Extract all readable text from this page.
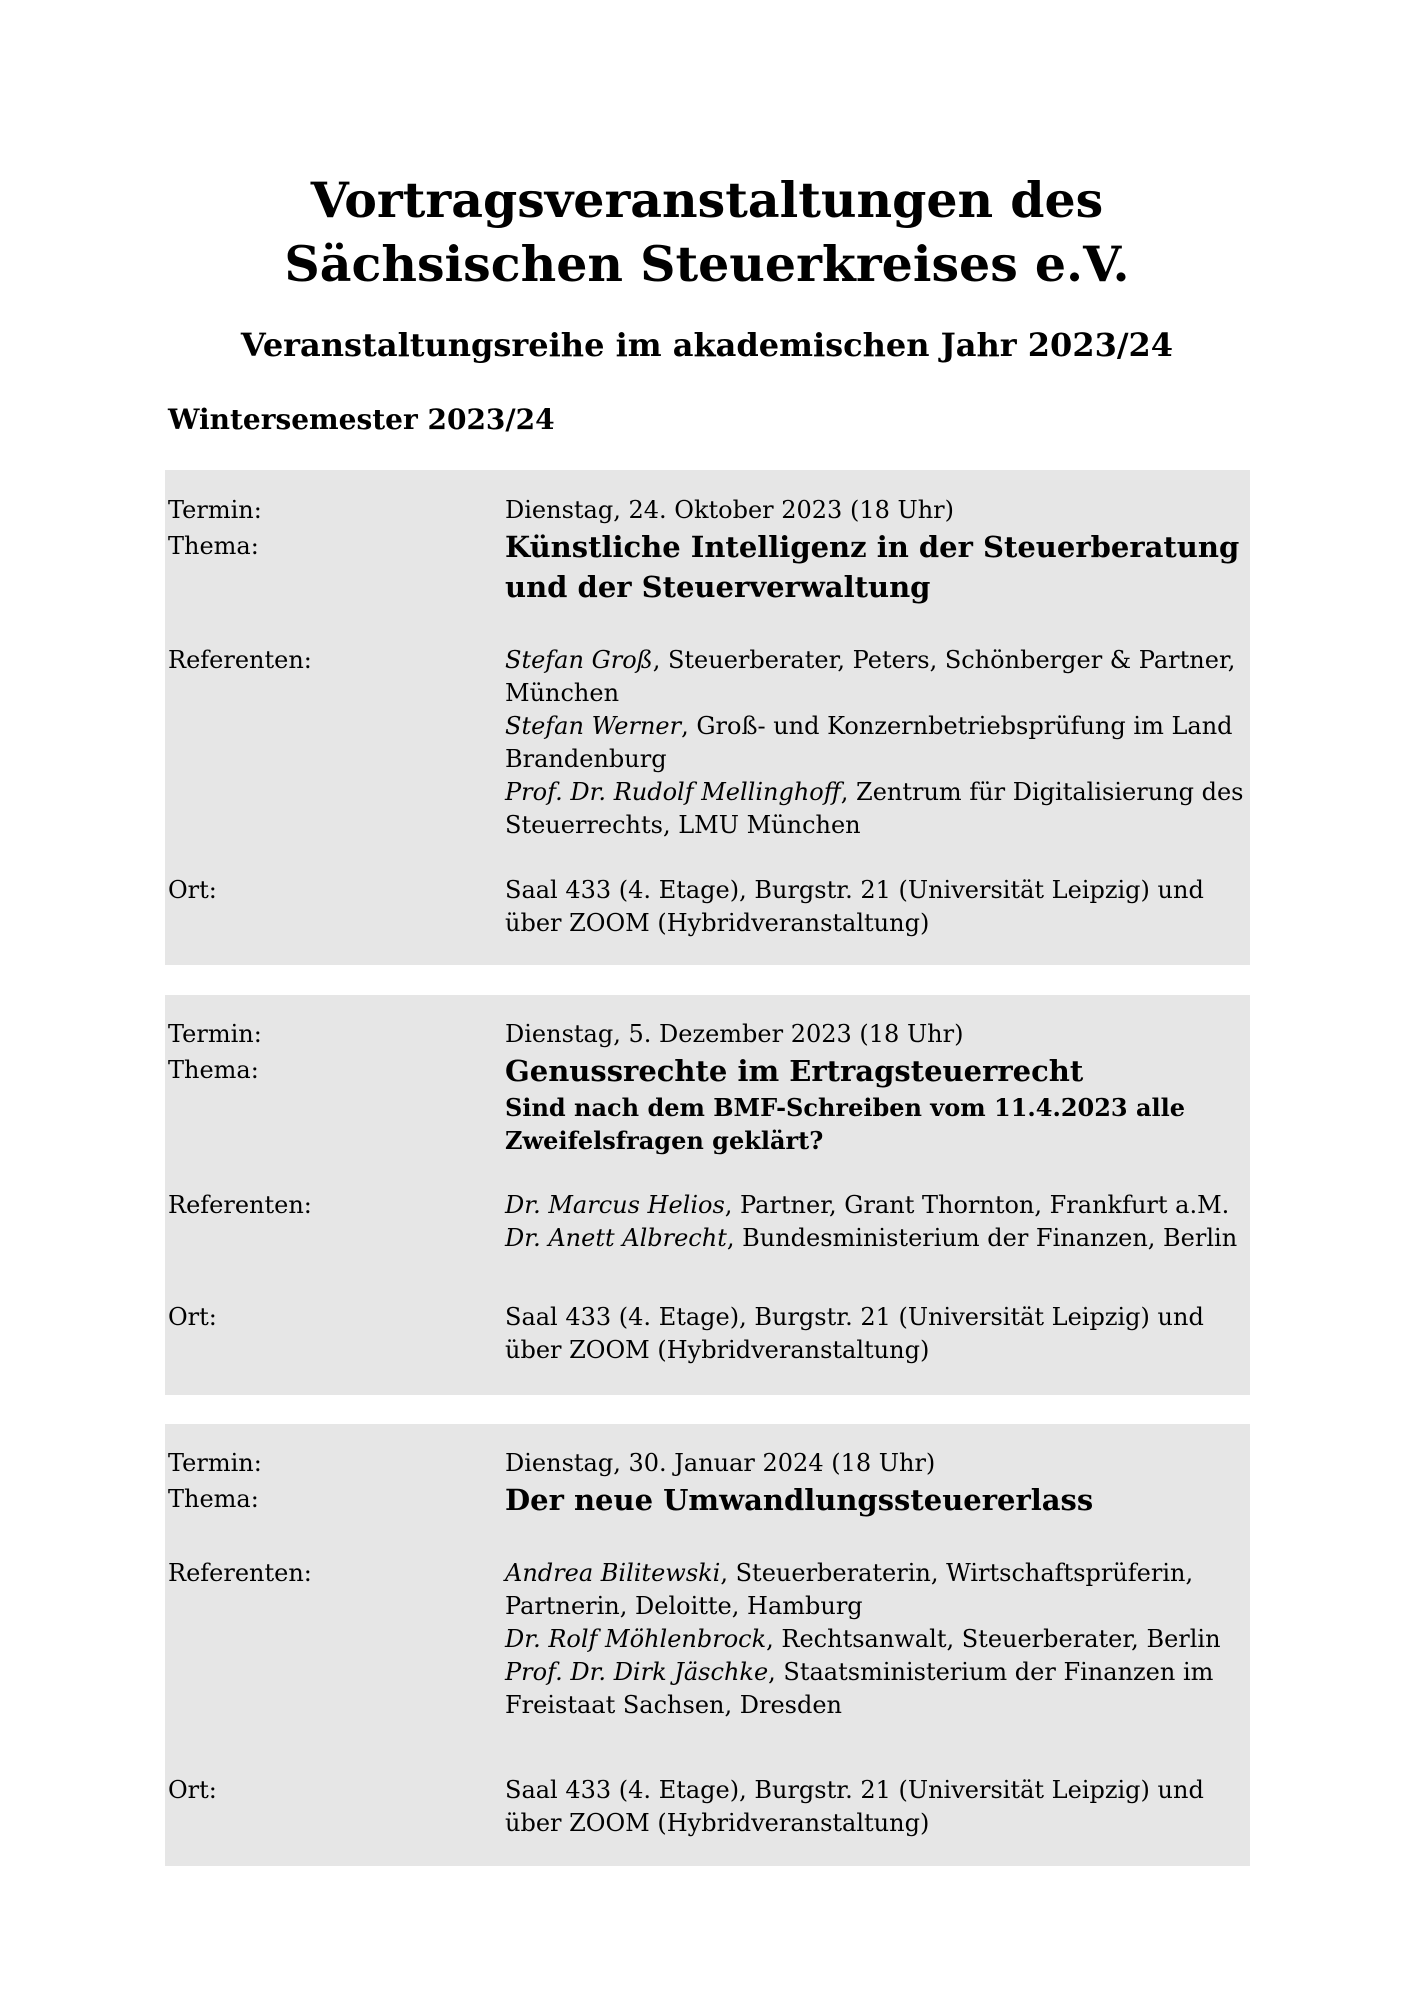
Vortragsveranstaltungen des
Sächsischen Steuerkreises e.V.
Veranstaltungsreihe im akademischen Jahr 2023/24
Wintersemester 2023/24
Termin:	Dienstag, 24. Oktober 2023 (18 Uhr)
Thema:	Künstliche Intelligenz in der Steuerberatung
und der Steuerverwaltung
Referenten:	Stefan Groß, Steuerberater, Peters, Schönberger & Partner,
München
Stefan Werner, Groß- und Konzernbetriebsprüfung im Land
Brandenburg
Prof. Dr. Rudolf Mellinghoff, Zentrum für Digitalisierung des
Steuerrechts, LMU München
Ort:	Saal 433 (4. Etage), Burgstr. 21 (Universität Leipzig) und
über ZOOM (Hybridveranstaltung)
Termin:	Dienstag, 5. Dezember 2023 (18 Uhr)
Thema:	Genussrechte im Ertragsteuerrecht
Sind nach dem BMF-Schreiben vom 11.4.2023 alle
Zweifelsfragen geklärt?
Referenten:	Dr. Marcus Helios, Partner, Grant Thornton, Frankfurt a.M.
Dr. Anett Albrecht, Bundesministerium der Finanzen, Berlin
Ort:	Saal 433 (4. Etage), Burgstr. 21 (Universität Leipzig) und
über ZOOM (Hybridveranstaltung)
Termin:	Dienstag, 30. Januar 2024 (18 Uhr)
Thema:	Der neue Umwandlungssteuererlass
Referenten:	Andrea Bilitewski, Steuerberaterin, Wirtschaftsprüferin,
Partnerin, Deloitte, Hamburg
Dr. Rolf Möhlenbrock, Rechtsanwalt, Steuerberater, Berlin
Prof. Dr. Dirk Jäschke, Staatsministerium der Finanzen im
Freistaat Sachsen, Dresden
Ort:	Saal 433 (4. Etage), Burgstr. 21 (Universität Leipzig) und
über ZOOM (Hybridveranstaltung)
